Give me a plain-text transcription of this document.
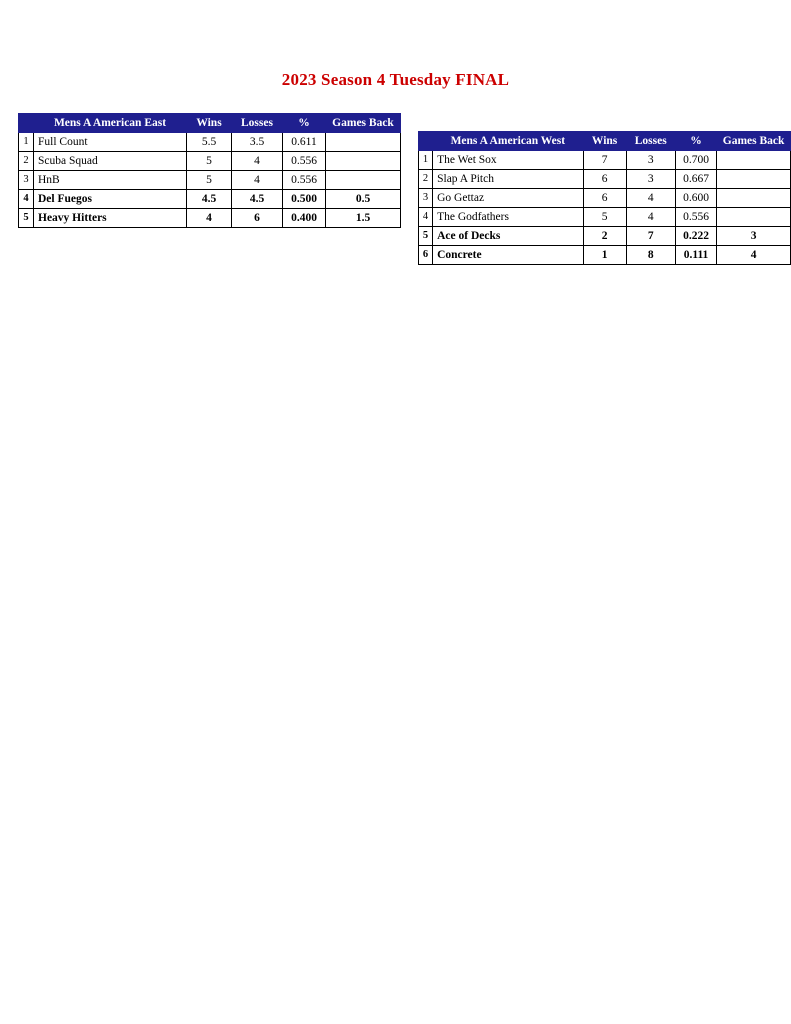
2023 Season 4 Tuesday FINAL
	Mens A American East	Wins	Losses	%	Games Back
1	Full Count	5.5	3.5	0.611	
2	Scuba Squad	5	4	0.556	
3	HnB	5	4	0.556	
4	Del Fuegos	4.5	4.5	0.500	0.5
5	Heavy Hitters	4	6	0.400	1.5
	Mens A American West	Wins	Losses	%	Games Back
1	The Wet Sox	7	3	0.700	
2	Slap A Pitch	6	3	0.667	
3	Go Gettaz	6	4	0.600	
4	The Godfathers	5	4	0.556	
5	Ace of Decks	2	7	0.222	3
6	Concrete	1	8	0.111	4
